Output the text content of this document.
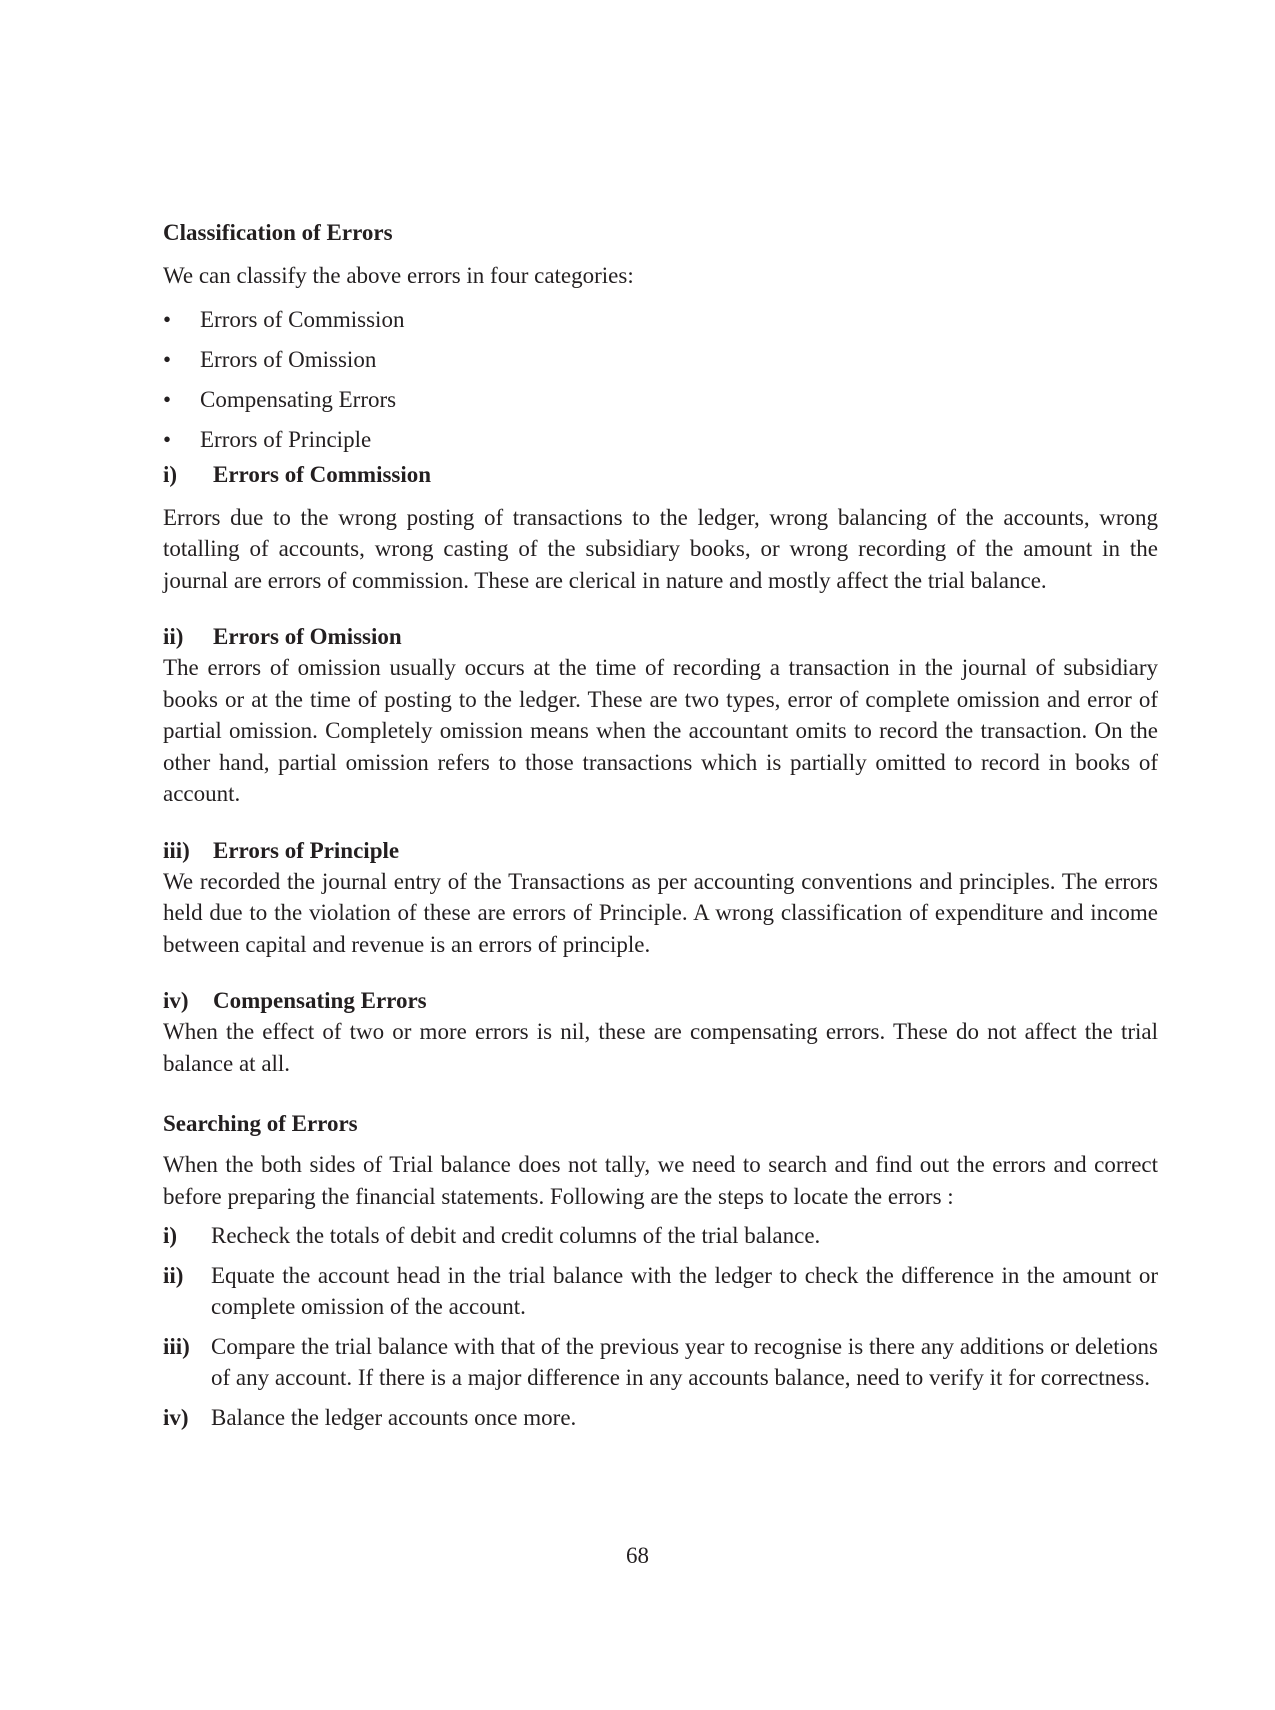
Classification of Errors

We can classify the above errors in four categories:

•	Errors of Commission
•	Errors of Omission
•	Compensating Errors
•	Errors of Principle
i)	Errors of Commission

Errors due to the wrong posting of transactions to the ledger, wrong balancing of the accounts, wrong totalling of accounts, wrong casting of the subsidiary books, or wrong recording of the amount in the journal are errors of commission. These are clerical in nature and mostly affect the trial balance.

ii)	Errors of Omission

The errors of omission usually occurs at the time of recording a transaction in the journal of subsidiary books or at the time of posting to the ledger. These are two types, error of complete omission and error of partial omission. Completely omission means when the accountant omits to record the transaction. On the other hand, partial omission refers to those transactions which is partially omitted to record in books of account.

iii)	Errors of Principle

We recorded the journal entry of the Transactions as per accounting conventions and principles. The errors held due to the violation of these are errors of Principle. A wrong classification of expenditure and income between capital and revenue is an errors of principle.

iv)	Compensating Errors

When the effect of two or more errors is nil, these are compensating errors. These do not affect the trial balance at all.

Searching of Errors

When the both sides of Trial balance does not tally, we need to search and find out the errors and correct before preparing the financial statements. Following are the steps to locate the errors :

i)	Recheck the totals of debit and credit columns of the trial balance.
ii)	Equate the account head in the trial balance with the ledger to check the difference in the amount or complete omission of the account.
iii) Compare the trial balance with that of the previous year to recognise is there any additions or deletions of any account. If there is a major difference in any accounts balance, need to verify it for correctness.
iv) Balance the ledger accounts once more.
68
